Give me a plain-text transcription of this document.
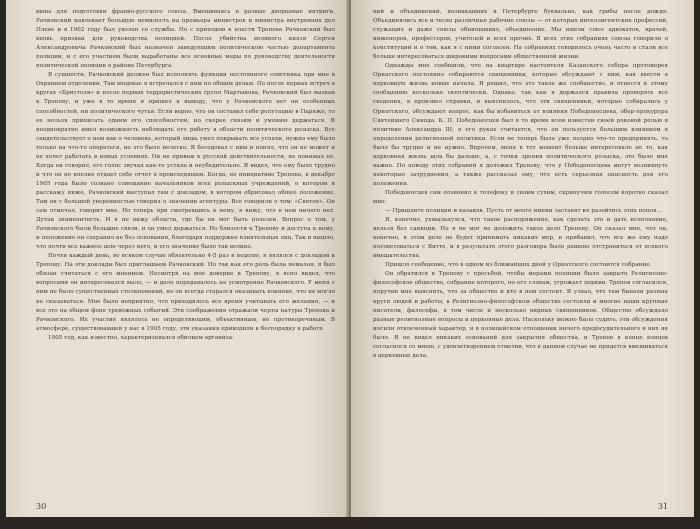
вины для подготовки франко-русского союза. Вмешиваясь в разные дворцовые интриги, Рачковский навлекает большую немилость на премьера министров и министра внутренних дел Плеве и в 1902 году был уволен со службы. Но с приходом к власти Трепова Рачковский был вновь призван для руководства полицией. После убийства великого князя Сергея Александровича Рачковский был назначен заведующим политическою частью департамента полиции, и с его участием были выработаны все основные меры по руководству деятельности политической полиции в районе Петербурга.

В сущности, Рачковский должен был исполнять функции постоянного советника при мне в Охранном отделении. Там впервые я встречался с ним по общим делам. По после первых встреч в кругах «Бристоля» и после первых террористических групп Мартынова, Рачковский был вызван к Трепову, и уже в то время я пришел к выводу, что у Рачковского нет ни особенных способностей, ни политического чутья. Если верно, что он составил себе репутацию в Париже, то ее нельзя приписать одним его способностям, но скорее связям и умению держаться. Я неоднократно имел возможность наблюдать его работу в области политического розыска. Все свидетельствует о нем как о человеке, который лишь умел покрывать все успехи, нужно ему было только на что-то опереться, но это было нелегко. Я беседовал с ним и понял, что он не может и не хочет работать в новых условиях. Он не привык к русской действительности, не понимал ее. Когда он говорил, его голос звучал как-то устало и неубедительно. Я видел, что ему было трудно и что он не вполне отдает себе отчет в происходящем. Когда, по инициативе Трепова, в декабре 1905 года было созвано совещание начальников всех розыскных учреждений, о котором я расскажу ниже, Рачковский выступал там с докладом, в котором обрисовал общее положение. Там он с большой уверенностью говорил о значении агентуры. Все говорили о том: «Святое». Он сам отмечал, говорит мне. Но теперь при смотревшись к нему, я вижу, что в нем ничего нет. Дутая знаменитость. И я не вижу области, где бы он мог быть полезен. Вопрос о том, у Рачковского были большие связи, и он умел держаться. Но близости к Трепову и доступа к нему, и положение он сохранил не без основания, благодаря поддержке влиятельных лиц. Так и вышло, что почти все важное шло через него, и его значение было так велико.

Почти каждый день, во всяком случае обязательно 4-5 раз в неделю, я являлся с докладом к Трепову. На эти доклады был приглашаем Рачковский. Но так как его роль была немалая, я был обязан считаться с его мнением. Несмотря на мое доверие к Трепову, я ясно видел, что вопросами он интересовался мало, — и дело передавалось на усмотрение Рачковского. У меня с ним не было существенных столкновений, но он всегда старался оказывать влияние, что не могло не сказываться. Мне было неприятно, что приходилось все время учитывать его желания, — и все это на общем фоне тревожных событий. Эти соображения отражали черты натуры Трепова и Рачковского. Их участие являлось не определяющим, объективным, но противоречивым. В атмосфере, существовавшей у нас в 1905 году, эти указания приводили к беспорядку в работе.

1905 год, как известно, характеризовался обилием организа-

30

ций и объединений, возникавших в Петербурге буквально, как грибы после дождя. Объединялись все и тесно различные рабочие союзы — от которых интеллигентских профессий, служащих и даже союзы обнищавших, объединение. Мы имели союз адвокатов, врачей, инженеров, профессоров, учителей и всех прочих. В всех этих собраниях союзы говорили о конституции и о том, как я с ними согласен. На собраниях говорилось очень часто и стали все больше интересоваться широкими вопросами общественной жизни.

Однажды мне сообщили, что на квартире настоятеля Казанского собора протоиерея Орнатского постоянно собираются священники, которые обсуждают с ним, как ввести в церковную жизнь новые начала. Я решил, что это такое же сообщество, и отнесся к этому сообщению несколько скептически. Однако, так как я держался правила проверять все сведения, я произвел справки, и выяснилось, что эти священники, которые собирались у Орнатского, обсуждают вопрос, как бы избавиться от влияния Победоносцева, обер-прокурора Святейшего Синода. К. П. Победоносцев был в то время всем известен своей роковой ролью в политике Александра III; в его руках считается, что он пользуется большим влиянием в определении религиозной политики. Если не теперь было уже поздно что-то предпринять, то было бы трудно и не нужно. Впрочем, меня в тот момент больше интересовало не то, как церковная жизнь шла бы дальше, а, с точки зрения политического розыска, это было мне важно. По поводу этих собраний я доложил Трепову, что у Победоносцева могут возникнуть некоторые затруднения, а также рассказал ему, что есть серьезная опасность для его положения.

Победоносцев сам позвонил к телефону и своим сухим, скрипучим голосом коротко сказал мне:

— Пришлите полиции и казаков. Пусть от моего имени заставят их разойтись этих попов...

Я, конечно, ухмыльнулся, что такое распоряжение, как сделать это и дать исполнение, нельзя без санкции. Но я не мог не доложить такое дело Трепову. Он сказал мне, что он, конечно, в этом деле не будет принимать никаких мер, и прибавил, что все же ему надо посоветоваться с Витте, и в результате этого разговора было решено отстраниться от всякого вмешательства.

Пришло сообщение, что в одном из ближайших дней у Орнатского состоится собрание.

Он обратился к Трепову с просьбой, чтобы мерами полиции было закрыто Религиозно-философское общество, собрание которого, по его словам, угрожает церкви. Трепов согласился, поручив мне выяснить, что за общество и кто в нем состоит. Я узнал, что там бывали разные круги людей и работы, в Религиозно-философском обществе состояли и многие наши крупные писатели, философы, в том числе и несколько видных священников. Общество обсуждало разные религиозные вопросы и церковные дела. Наскольку можно было судить, эти обсуждения носили отвлеченный характер, и в полицейском отношении ничего предосудительного в них не было. Я не видел никаких оснований для закрытия общества, и Трепов в конце концов согласился со мною, с удовлетворением отметив, что в данном случае не придется вмешиваться в церковные дела.

31
